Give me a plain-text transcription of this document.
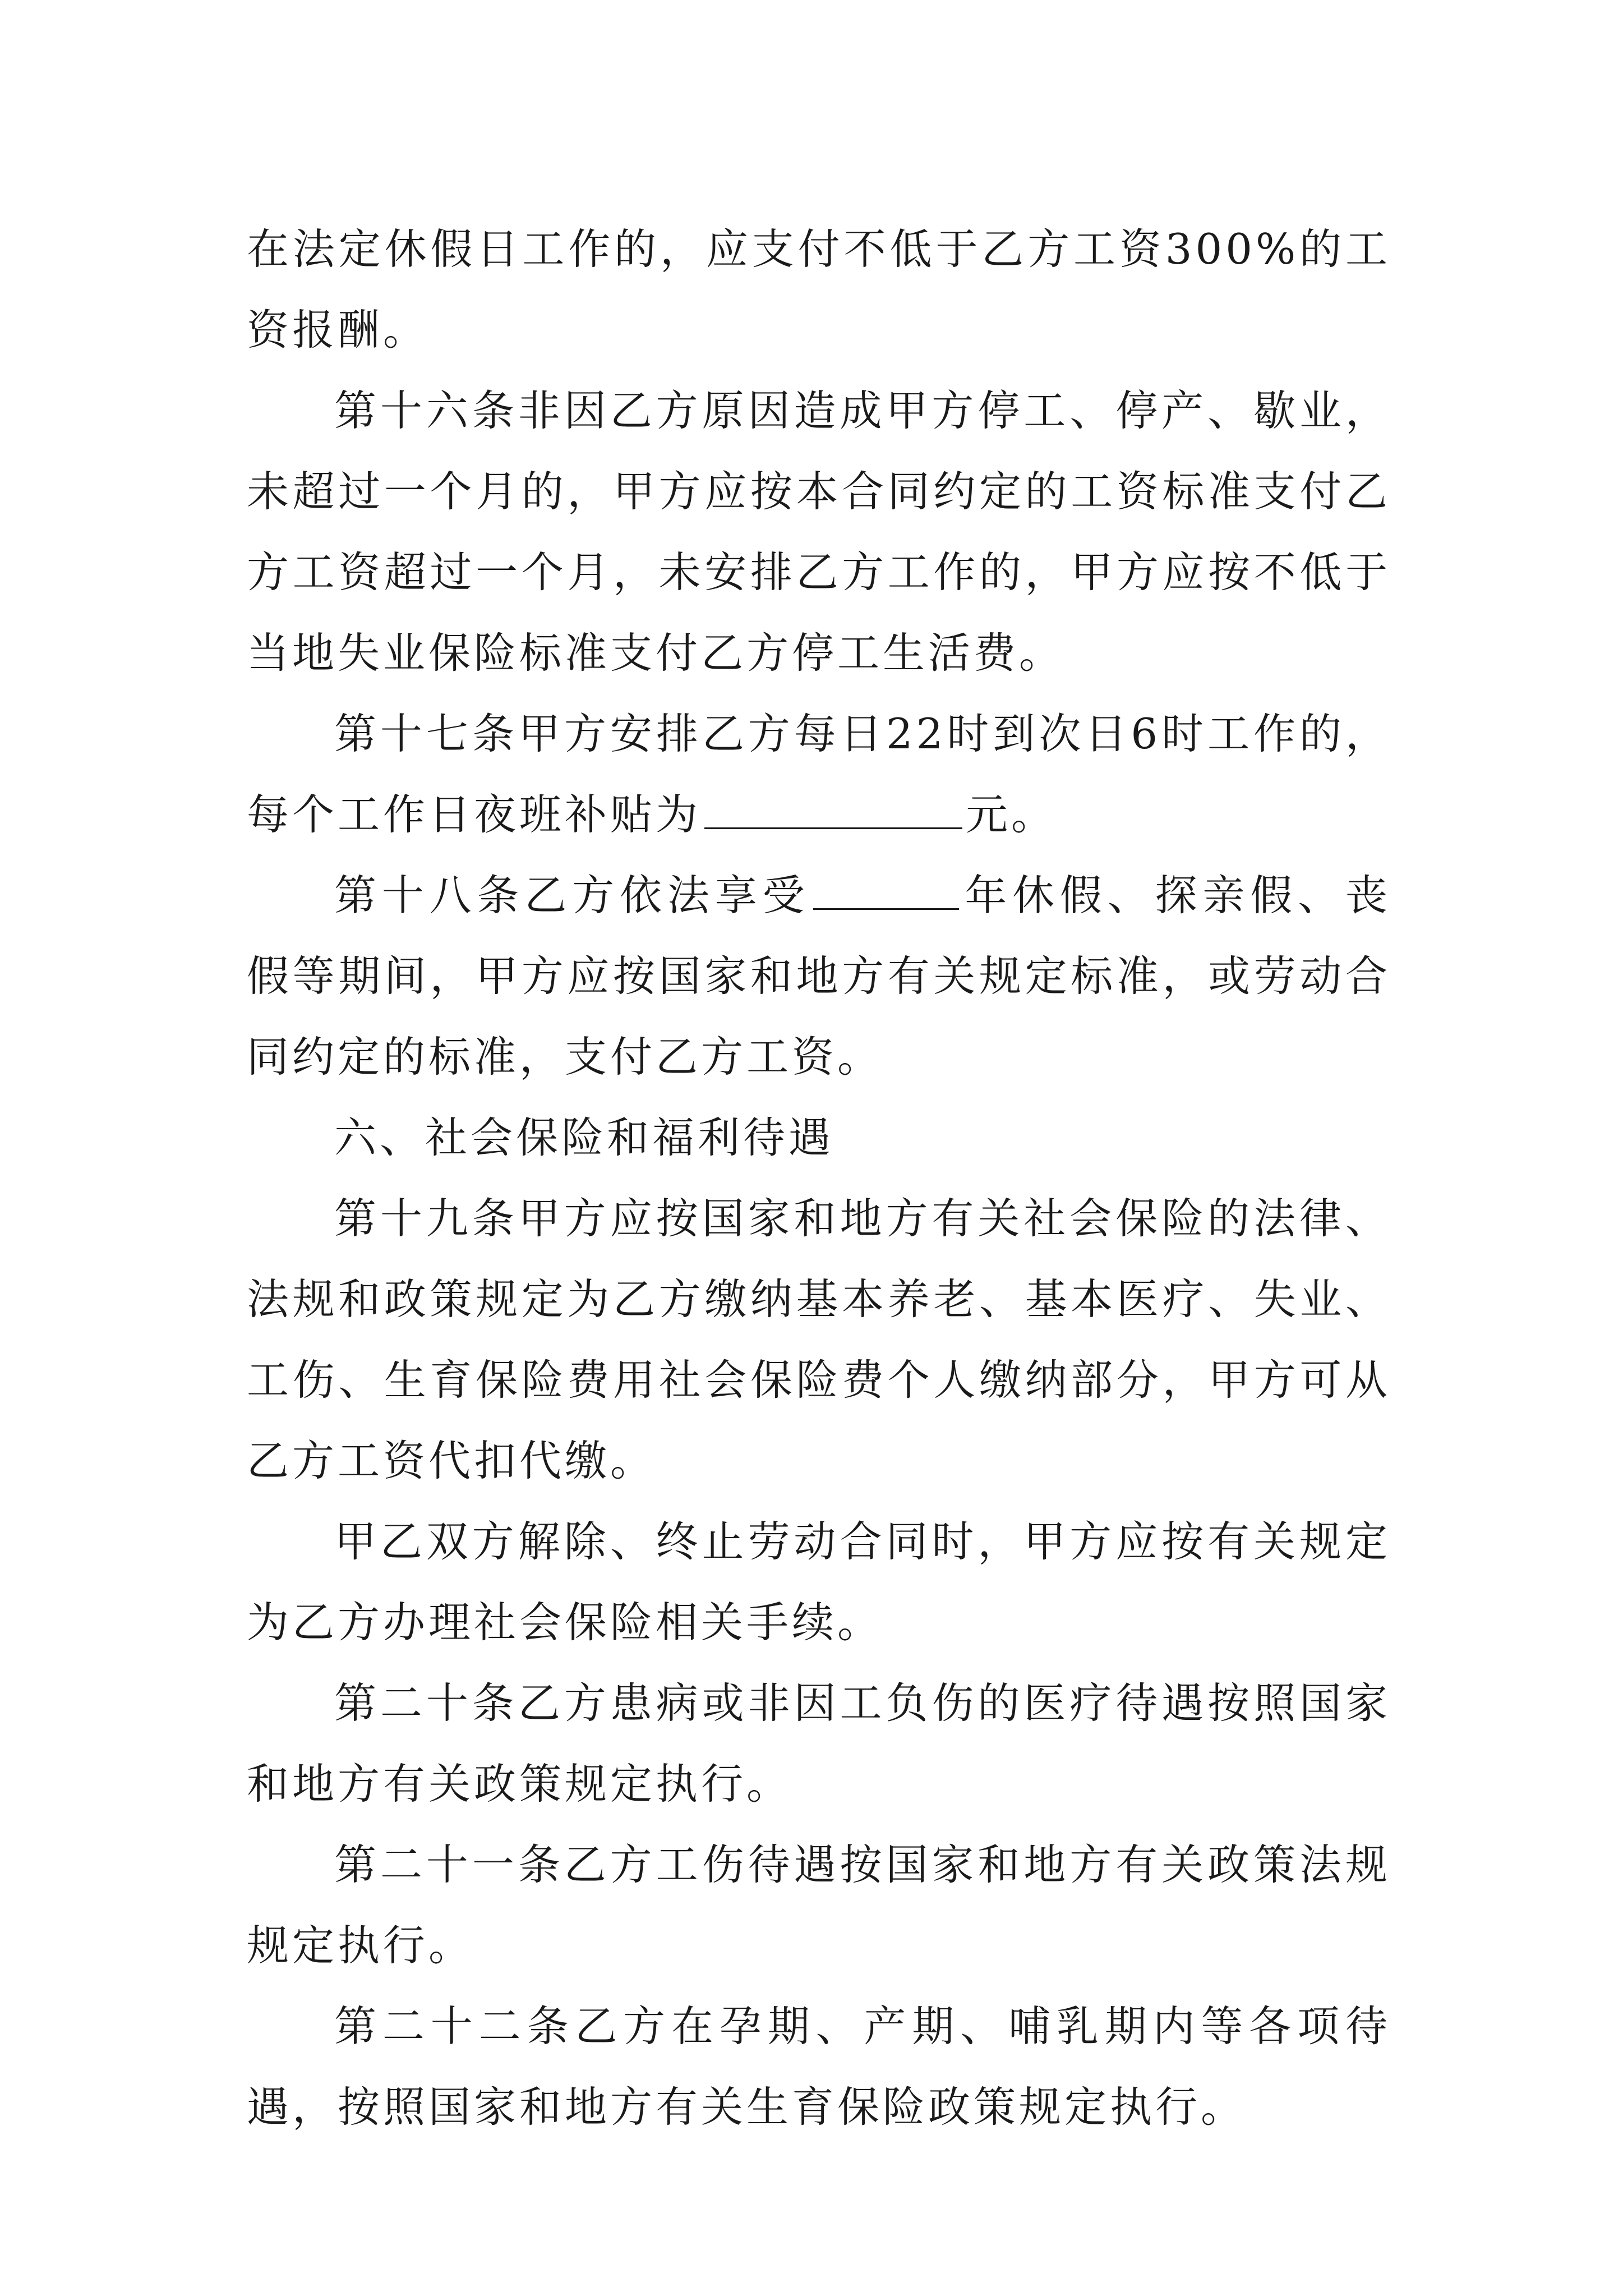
在法定休假日工作的，应支付不低于乙方工资300%的工资报酬。

第十六条非因乙方原因造成甲方停工、停产、歇业，未超过一个月的，甲方应按本合同约定的工资标准支付乙方工资超过一个月，未安排乙方工作的，甲方应按不低于当地失业保险标准支付乙方停工生活费。

第十七条甲方安排乙方每日22时到次日6时工作的，每个工作日夜班补贴为	元。

第十八条乙方依法享受	年休假、探亲假、丧假等期间，甲方应按国家和地方有关规定标准，或劳动合同约定的标准，支付乙方工资。

六、社会保险和福利待遇

第十九条甲方应按国家和地方有关社会保险的法律、法规和政策规定为乙方缴纳基本养老、基本医疗、失业、工伤、生育保险费用社会保险费个人缴纳部分，甲方可从乙方工资代扣代缴。

甲乙双方解除、终止劳动合同时，甲方应按有关规定为乙方办理社会保险相关手续。

第二十条乙方患病或非因工负伤的医疗待遇按照国家和地方有关政策规定执行。

第二十一条乙方工伤待遇按国家和地方有关政策法规规定执行。

第二十二条乙方在孕期、产期、哺乳期内等各项待遇，按照国家和地方有关生育保险政策规定执行。
